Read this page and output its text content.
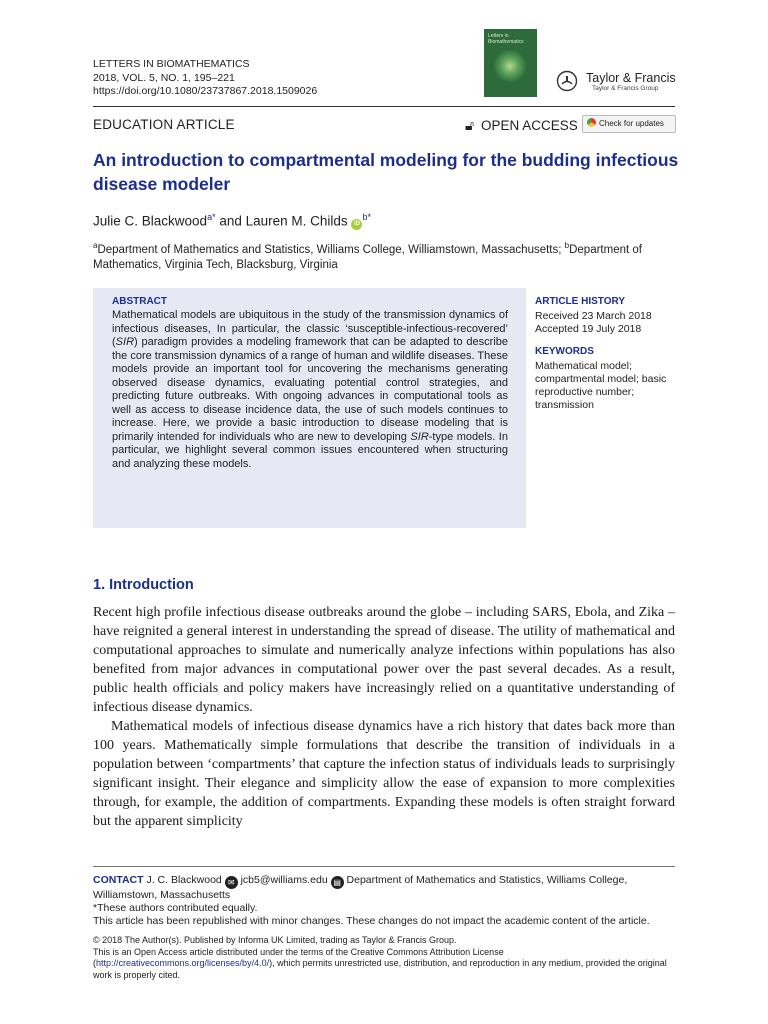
LETTERS IN BIOMATHEMATICS
2018, VOL. 5, NO. 1, 195–221
https://doi.org/10.1080/23737867.2018.1509026
Letters in Biomathematics
Taylor & Francis
Taylor & Francis Group
EDUCATION ARTICLE	🔓︎ OPEN ACCESS	Check for updates
An introduction to compartmental modeling for the budding infectious disease modeler
Julie C. Blackwood$^{a*}$ and Lauren M. Childs $iD^{b*}$
$^a$Department of Mathematics and Statistics, Williams College, Williamstown, Massachusetts; $^b$Department of Mathematics, Virginia Tech, Blacksburg, Virginia
ABSTRACT
Mathematical models are ubiquitous in the study of the transmission dynamics of infectious diseases, In particular, the classic ‘susceptible-infectious-recovered’ (SIR) paradigm provides a modeling framework that can be adapted to describe the core transmission dynamics of a range of human and wildlife diseases. These models provide an important tool for uncovering the mechanisms generating observed disease dynamics, evaluating potential control strategies, and predicting future outbreaks. With ongoing advances in computational tools as well as access to disease incidence data, the use of such models continues to increase. Here, we provide a basic introduction to disease modeling that is primarily intended for individuals who are new to developing SIR-type models. In particular, we highlight several common issues encountered when structuring and analyzing these models.
ARTICLE HISTORY
Received 23 March 2018
Accepted 19 July 2018
KEYWORDS
Mathematical model;
compartmental model; basic
reproductive number;
transmission
1. Introduction

Recent high profile infectious disease outbreaks around the globe – including SARS, Ebola, and Zika – have reignited a general interest in understanding the spread of disease. The utility of mathematical and computational approaches to simulate and numerically analyze infections within populations has also benefited from major advances in computational power over the past several decades. As a result, public health officials and policy makers have increasingly relied on a quantitative understanding of infectious disease dynamics.

Mathematical models of infectious disease dynamics have a rich history that dates back more than 100 years. Mathematically simple formulations that describe the transition of individuals in a population between ‘compartments’ that capture the infection status of individuals leads to surprisingly significant insight. Their elegance and simplicity allow the ease of expansion to more complexities through, for example, the addition of compartments. Expanding these models is often straight forward but the apparent simplicity

CONTACT J. C. Blackwood ✉︎ jcb5@williams.edu ▤︎ Department of Mathematics and Statistics, Williams College, Williamstown, Massachusetts
*These authors contributed equally.
This article has been republished with minor changes. These changes do not impact the academic content of the article.
© 2018 The Author(s). Published by Informa UK Limited, trading as Taylor & Francis Group.
This is an Open Access article distributed under the terms of the Creative Commons Attribution License (http://creativecommons.org/licenses/by/4.0/), which permits unrestricted use, distribution, and reproduction in any medium, provided the original work is properly cited.
